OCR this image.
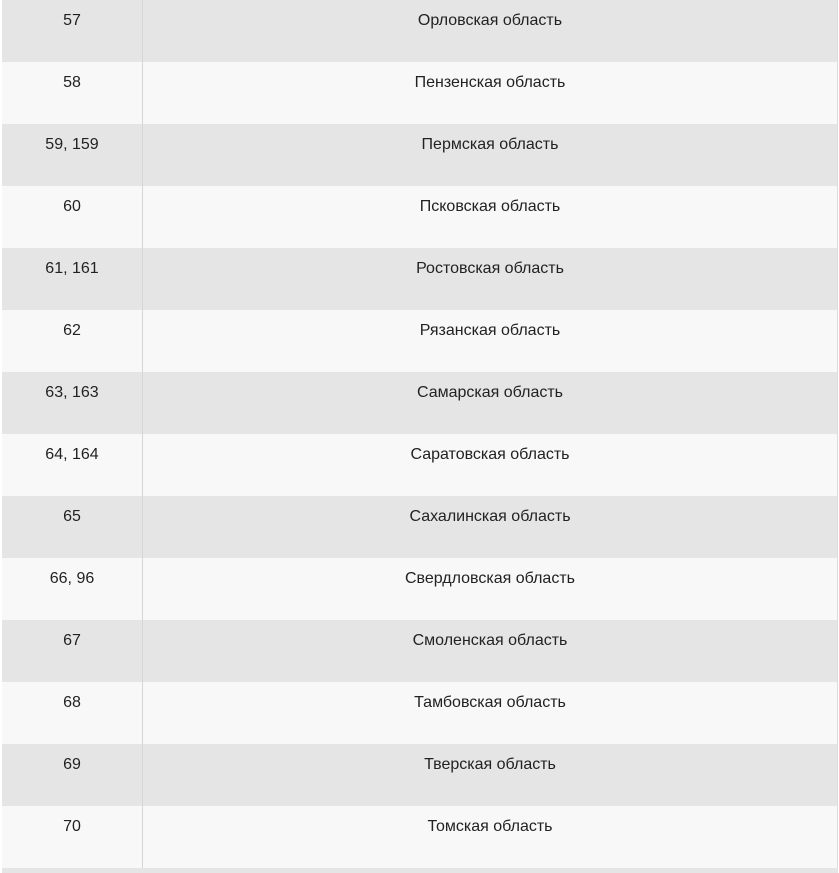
57	Орловская область
58	Пензенская область
59, 159	Пермская область
60	Псковская область
61, 161	Ростовская область
62	Рязанская область
63, 163	Самарская область
64, 164	Саратовская область
65	Сахалинская область
66, 96	Свердловская область
67	Смоленская область
68	Тамбовская область
69	Тверская область
70	Томская область
